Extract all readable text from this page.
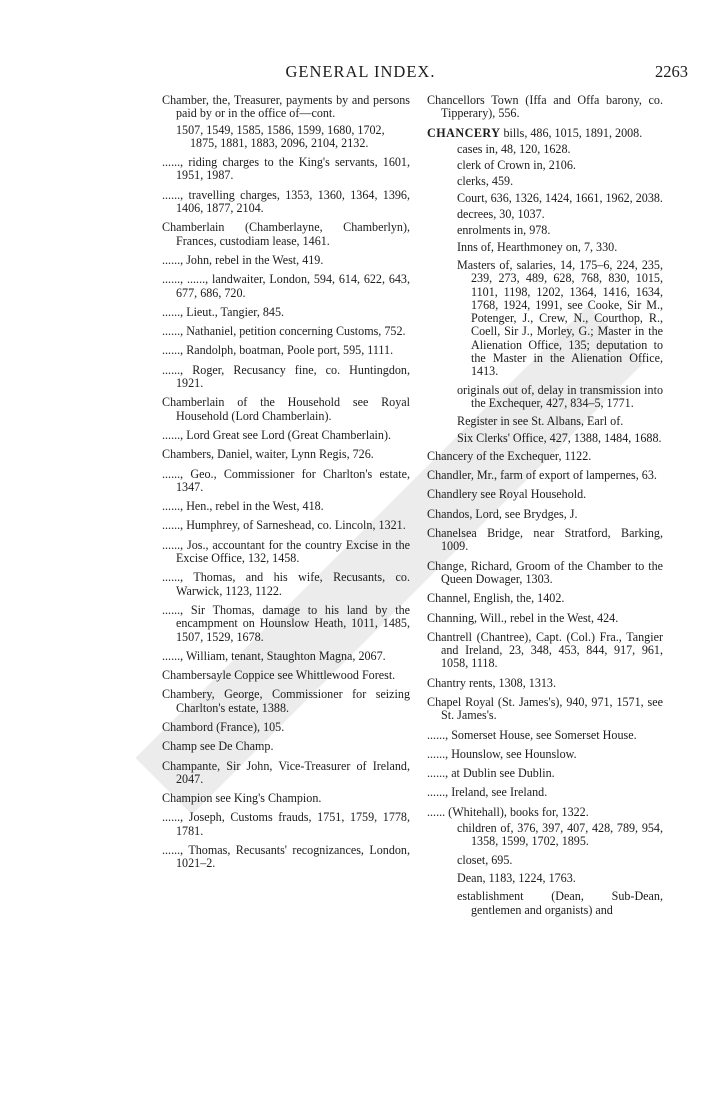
GENERAL INDEX.	2263
Chamber, the, Treasurer, payments by and persons paid by or in the office of—cont.
1507, 1549, 1585, 1586, 1599, 1680, 1702, 1875, 1881, 1883, 2096, 2104, 2132.
......, riding charges to the King's servants, 1601, 1951, 1987.
......, travelling charges, 1353, 1360, 1364, 1396, 1406, 1877, 2104.
Chamberlain (Chamberlayne, Chamberlyn), Frances, custodiam lease, 1461.
......, John, rebel in the West, 419.
......, ......, landwaiter, London, 594, 614, 622, 643, 677, 686, 720.
......, Lieut., Tangier, 845.
......, Nathaniel, petition concerning Customs, 752.
......, Randolph, boatman, Poole port, 595, 1111.
......, Roger, Recusancy fine, co. Huntingdon, 1921.
Chamberlain of the Household see Royal Household (Lord Chamberlain).
......, Lord Great see Lord (Great Chamberlain).
Chambers, Daniel, waiter, Lynn Regis, 726.
......, Geo., Commissioner for Charlton's estate, 1347.
......, Hen., rebel in the West, 418.
......, Humphrey, of Sarneshead, co. Lincoln, 1321.
......, Jos., accountant for the country Excise in the Excise Office, 132, 1458.
......, Thomas, and his wife, Recusants, co. Warwick, 1123, 1122.
......, Sir Thomas, damage to his land by the encampment on Hounslow Heath, 1011, 1485, 1507, 1529, 1678.
......, William, tenant, Staughton Magna, 2067.
Chambersayle Coppice see Whittlewood Forest.
Chambery, George, Commissioner for seizing Charlton's estate, 1388.
Chambord (France), 105.
Champ see De Champ.
Champante, Sir John, Vice-Treasurer of Ireland, 2047.
Champion see King's Champion.
......, Joseph, Customs frauds, 1751, 1759, 1778, 1781.
......, Thomas, Recusants' recognizances, London, 1021–2.
Chancellors Town (Iffa and Offa barony, co. Tipperary), 556.
CHANCERY bills, 486, 1015, 1891, 2008.
cases in, 48, 120, 1628.
clerk of Crown in, 2106.
clerks, 459.
Court, 636, 1326, 1424, 1661, 1962, 2038.
decrees, 30, 1037.
enrolments in, 978.
Inns of, Hearthmoney on, 7, 330.
Masters of, salaries, 14, 175–6, 224, 235, 239, 273, 489, 628, 768, 830, 1015, 1101, 1198, 1202, 1364, 1416, 1634, 1768, 1924, 1991, see Cooke, Sir M., Potenger, J., Crew, N., Courthop, R., Coell, Sir J., Morley, G.; Master in the Alienation Office, 135; deputation to the Master in the Alienation Office, 1413.
originals out of, delay in transmission into the Exchequer, 427, 834–5, 1771.
Register in see St. Albans, Earl of.
Six Clerks' Office, 427, 1388, 1484, 1688.
Chancery of the Exchequer, 1122.
Chandler, Mr., farm of export of lampernes, 63.
Chandlery see Royal Household.
Chandos, Lord, see Brydges, J.
Chanelsea Bridge, near Stratford, Barking, 1009.
Change, Richard, Groom of the Chamber to the Queen Dowager, 1303.
Channel, English, the, 1402.
Channing, Will., rebel in the West, 424.
Chantrell (Chantree), Capt. (Col.) Fra., Tangier and Ireland, 23, 348, 453, 844, 917, 961, 1058, 1118.
Chantry rents, 1308, 1313.
Chapel Royal (St. James's), 940, 971, 1571, see St. James's.
......, Somerset House, see Somerset House.
......, Hounslow, see Hounslow.
......, at Dublin see Dublin.
......, Ireland, see Ireland.
...... (Whitehall), books for, 1322.
children of, 376, 397, 407, 428, 789, 954, 1358, 1599, 1702, 1895.
closet, 695.
Dean, 1183, 1224, 1763.
establishment (Dean, Sub-Dean, gentlemen and organists) and
